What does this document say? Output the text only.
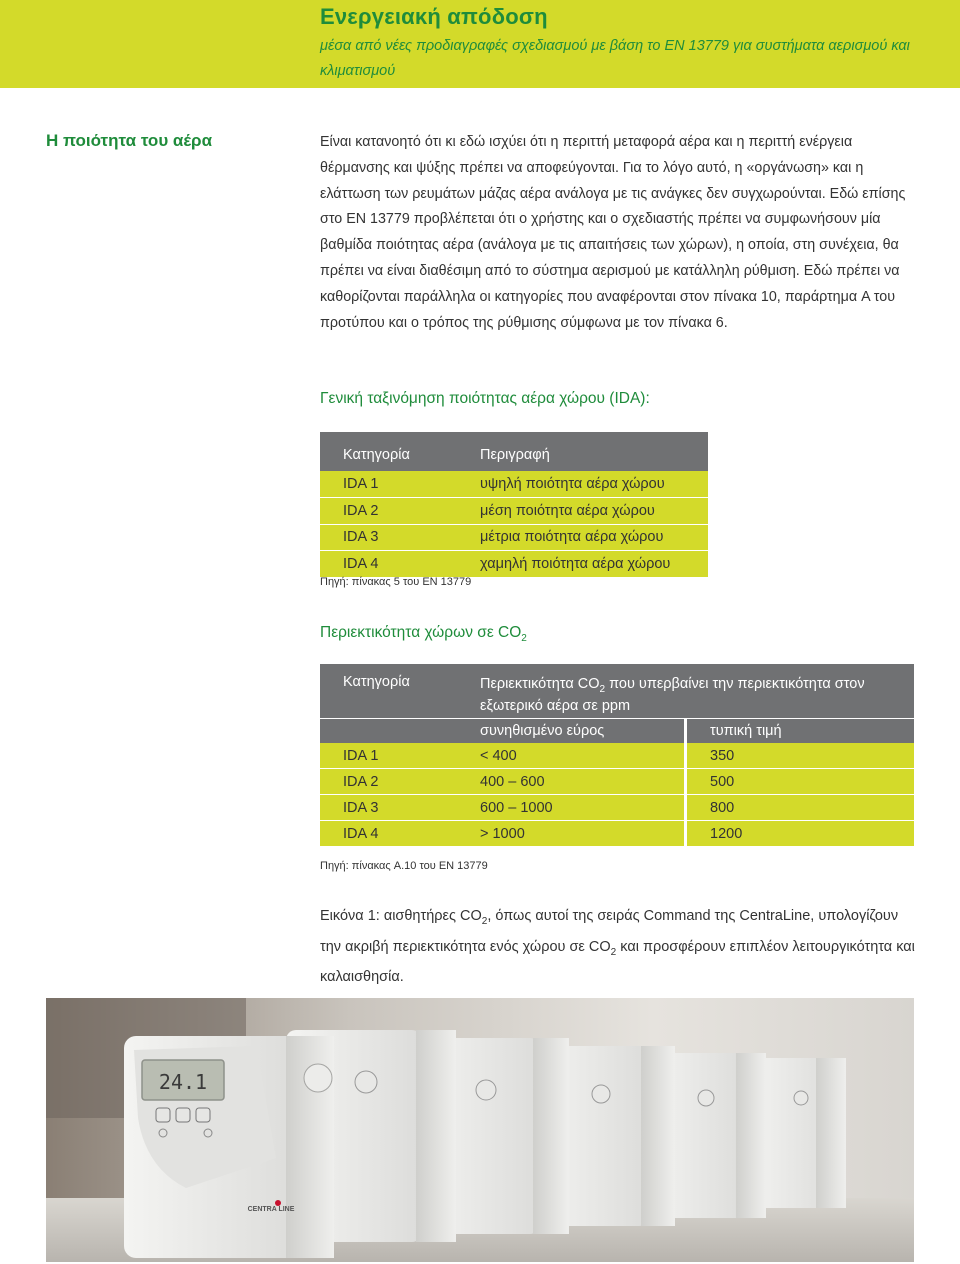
Ενεργειακή απόδοση
μέσα από νέες προδιαγραφές σχεδιασμού με βάση το EN 13779 για συστήματα αερισμού και κλιματισμού
Η ποιότητα του αέρα	Είναι κατανοητό ότι κι εδώ ισχύει ότι η περιττή μεταφορά αέρα και η περιττή ενέργεια θέρμανσης και ψύξης πρέπει να αποφεύγονται. Για το λόγο αυτό, η «οργάνωση» και η ελάττωση των ρευμάτων μάζας αέρα ανάλογα με τις ανάγκες δεν συγχωρούνται. Εδώ επίσης στο EN 13779 προβλέπεται ότι ο χρήστης και ο σχεδιαστής πρέπει να συμφωνήσουν μία βαθμίδα ποιότητας αέρα (ανάλογα με τις απαιτήσεις των χώρων), η οποία, στη συνέχεια, θα πρέπει να είναι διαθέσιμη από το σύστημα αερισμού με κατάλληλη ρύθμιση. Εδώ πρέπει να καθορίζονται παράλληλα οι κατηγορίες που αναφέρονται στον πίνακα 10, παράρτημα A του προτύπου και ο τρόπος της ρύθμισης σύμφωνα με τον πίνακα 6.
Γενική ταξινόμηση ποιότητας αέρα χώρου (IDA):
Κατηγορία	Περιγραφή
IDA 1	υψηλή ποιότητα αέρα χώρου
IDA 2	μέση ποιότητα αέρα χώρου
IDA 3	μέτρια ποιότητα αέρα χώρου
IDA 4	χαμηλή ποιότητα αέρα χώρου
Πηγή: πίνακας 5 του EN 13779
Περιεκτικότητα χώρων σε $CO_2$
Κατηγορία	Περιεκτικότητα $CO_2$ που υπερβαίνει την περιεκτικότητα στον	
	εξωτερικό αέρα σε ppm	
	συνηθισμένο εύρος	τυπική τιμή
IDA 1	< 400	350
IDA 2	400 – 600	500
IDA 3	600 – 1000	800
IDA 4	> 1000	1200
Πηγή: πίνακας A.10 του EN 13779
Εικόνα 1: αισθητήρες $CO_2$, όπως αυτοί της σειράς Command της CentraLine, υπολογίζουν την ακριβή περιεκτικότητα ενός χώρου σε $CO_2$ και προσφέρουν επιπλέον λειτουργικότητα και καλαισθησία.
24.1
CENTRA LINE
